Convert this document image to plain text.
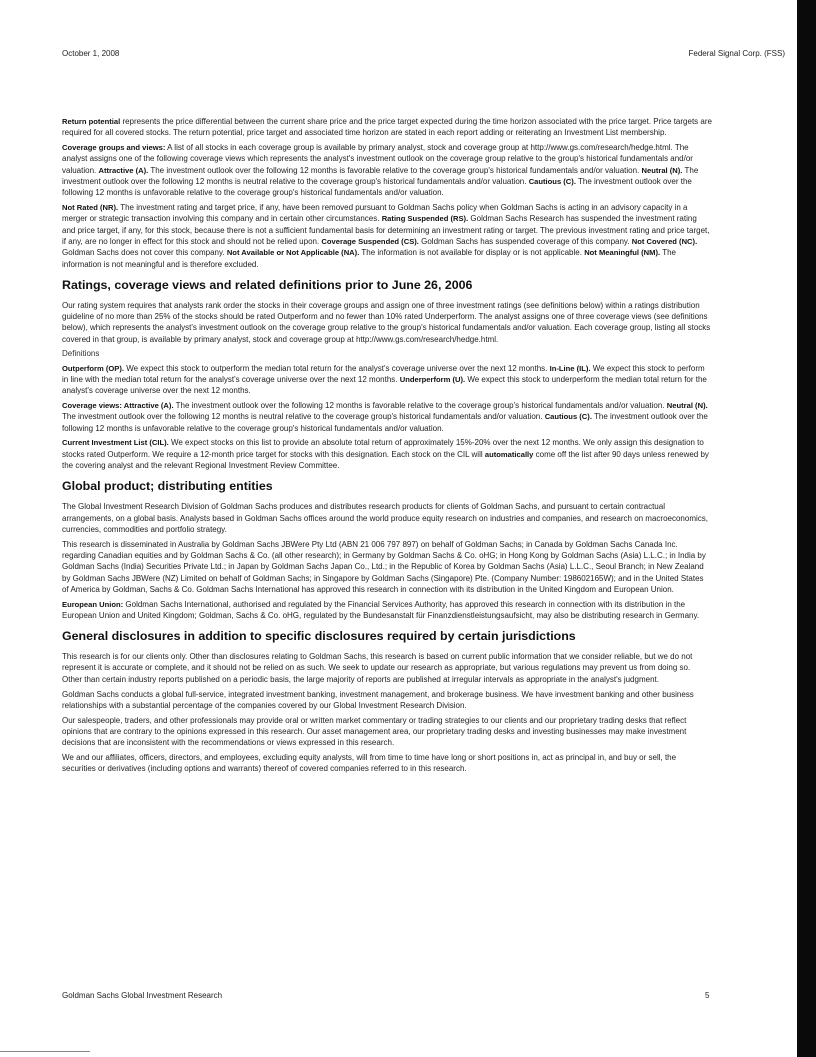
October 1, 2008	Federal Signal Corp. (FSS)

Return potential represents the price differential between the current share price and the price target expected during the time horizon associated with the price target. Price targets are required for all covered stocks. The return potential, price target and associated time horizon are stated in each report adding or reiterating an Investment List membership.

Coverage groups and views: A list of all stocks in each coverage group is available by primary analyst, stock and coverage group at http://www.gs.com/research/hedge.html. The analyst assigns one of the following coverage views which represents the analyst's investment outlook on the coverage group relative to the group's historical fundamentals and/or valuation. Attractive (A). The investment outlook over the following 12 months is favorable relative to the coverage group's historical fundamentals and/or valuation. Neutral (N). The investment outlook over the following 12 months is neutral relative to the coverage group's historical fundamentals and/or valuation. Cautious (C). The investment outlook over the following 12 months is unfavorable relative to the coverage group's historical fundamentals and/or valuation.

Not Rated (NR). The investment rating and target price, if any, have been removed pursuant to Goldman Sachs policy when Goldman Sachs is acting in an advisory capacity in a merger or strategic transaction involving this company and in certain other circumstances. Rating Suspended (RS). Goldman Sachs Research has suspended the investment rating and price target, if any, for this stock, because there is not a sufficient fundamental basis for determining an investment rating or target. The previous investment rating and price target, if any, are no longer in effect for this stock and should not be relied upon. Coverage Suspended (CS). Goldman Sachs has suspended coverage of this company. Not Covered (NC). Goldman Sachs does not cover this company. Not Available or Not Applicable (NA). The information is not available for display or is not applicable. Not Meaningful (NM). The information is not meaningful and is therefore excluded.

Ratings, coverage views and related definitions prior to June 26, 2006

Our rating system requires that analysts rank order the stocks in their coverage groups and assign one of three investment ratings (see definitions below) within a ratings distribution guideline of no more than 25% of the stocks should be rated Outperform and no fewer than 10% rated Underperform. The analyst assigns one of three coverage views (see definitions below), which represents the analyst's investment outlook on the coverage group relative to the group's historical fundamentals and/or valuation. Each coverage group, listing all stocks covered in that group, is available by primary analyst, stock and coverage group at http://www.gs.com/research/hedge.html.

Definitions

Outperform (OP). We expect this stock to outperform the median total return for the analyst's coverage universe over the next 12 months. In-Line (IL). We expect this stock to perform in line with the median total return for the analyst's coverage universe over the next 12 months. Underperform (U). We expect this stock to underperform the median total return for the analyst's coverage universe over the next 12 months.

Coverage views: Attractive (A). The investment outlook over the following 12 months is favorable relative to the coverage group's historical fundamentals and/or valuation. Neutral (N). The investment outlook over the following 12 months is neutral relative to the coverage group's historical fundamentals and/or valuation. Cautious (C). The investment outlook over the following 12 months is unfavorable relative to the coverage group's historical fundamentals and/or valuation.

Current Investment List (CIL). We expect stocks on this list to provide an absolute total return of approximately 15%-20% over the next 12 months. We only assign this designation to stocks rated Outperform. We require a 12-month price target for stocks with this designation. Each stock on the CIL will automatically come off the list after 90 days unless renewed by the covering analyst and the relevant Regional Investment Review Committee.

Global product; distributing entities

The Global Investment Research Division of Goldman Sachs produces and distributes research products for clients of Goldman Sachs, and pursuant to certain contractual arrangements, on a global basis. Analysts based in Goldman Sachs offices around the world produce equity research on industries and companies, and research on macroeconomics, currencies, commodities and portfolio strategy.

This research is disseminated in Australia by Goldman Sachs JBWere Pty Ltd (ABN 21 006 797 897) on behalf of Goldman Sachs; in Canada by Goldman Sachs Canada Inc. regarding Canadian equities and by Goldman Sachs & Co. (all other research); in Germany by Goldman Sachs & Co. oHG; in Hong Kong by Goldman Sachs (Asia) L.L.C.; in India by Goldman Sachs (India) Securities Private Ltd.; in Japan by Goldman Sachs Japan Co., Ltd.; in the Republic of Korea by Goldman Sachs (Asia) L.L.C., Seoul Branch; in New Zealand by Goldman Sachs JBWere (NZ) Limited on behalf of Goldman Sachs; in Singapore by Goldman Sachs (Singapore) Pte. (Company Number: 198602165W); and in the United States of America by Goldman, Sachs & Co. Goldman Sachs International has approved this research in connection with its distribution in the United Kingdom and European Union.

European Union: Goldman Sachs International, authorised and regulated by the Financial Services Authority, has approved this research in connection with its distribution in the European Union and United Kingdom; Goldman, Sachs & Co. oHG, regulated by the Bundesanstalt für Finanzdienstleistungsaufsicht, may also be distributing research in Germany.

General disclosures in addition to specific disclosures required by certain jurisdictions

This research is for our clients only. Other than disclosures relating to Goldman Sachs, this research is based on current public information that we consider reliable, but we do not represent it is accurate or complete, and it should not be relied on as such. We seek to update our research as appropriate, but various regulations may prevent us from doing so. Other than certain industry reports published on a periodic basis, the large majority of reports are published at irregular intervals as appropriate in the analyst's judgment.

Goldman Sachs conducts a global full-service, integrated investment banking, investment management, and brokerage business. We have investment banking and other business relationships with a substantial percentage of the companies covered by our Global Investment Research Division.

Our salespeople, traders, and other professionals may provide oral or written market commentary or trading strategies to our clients and our proprietary trading desks that reflect opinions that are contrary to the opinions expressed in this research. Our asset management area, our proprietary trading desks and investing businesses may make investment decisions that are inconsistent with the recommendations or views expressed in this research.

We and our affiliates, officers, directors, and employees, excluding equity analysts, will from time to time have long or short positions in, act as principal in, and buy or sell, the securities or derivatives (including options and warrants) thereof of covered companies referred to in this research.

Goldman Sachs Global Investment Research	5
